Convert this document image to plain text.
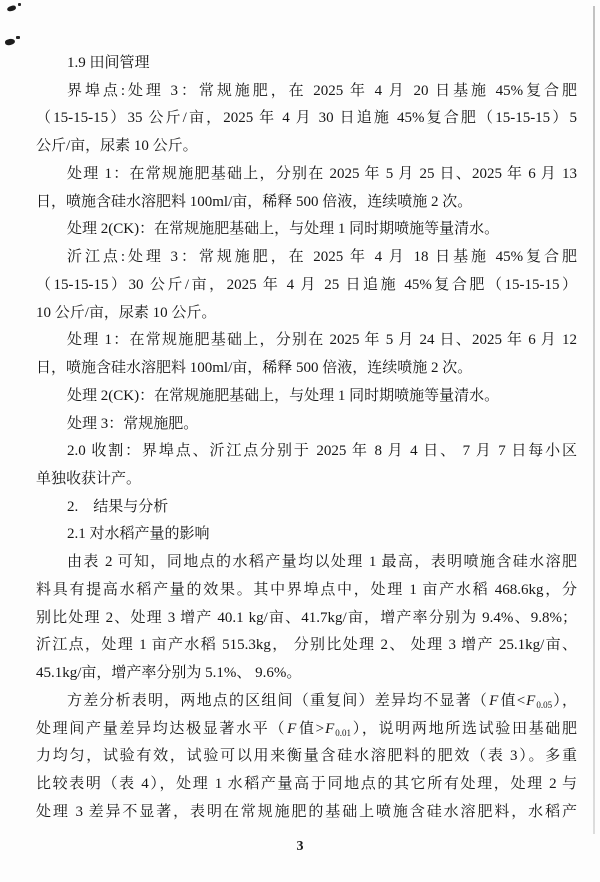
1.9 田间管理
界埠点:处理 3：常规施肥，在 2025 年 4 月 20 日基施 45%复合肥
（15-15-15）35 公斤/亩，2025 年 4 月 30 日追施 45%复合肥（15-15-15）5
公斤/亩，尿素 10 公斤。
处理 1：在常规施肥基础上，分别在 2025 年 5 月 25 日、2025 年 6 月 13
日，喷施含硅水溶肥料 100ml/亩，稀释 500 倍液，连续喷施 2 次。
处理 2(CK)：在常规施肥基础上，与处理 1 同时期喷施等量清水。
沂江点:处理 3：常规施肥，在 2025 年 4 月 18 日基施 45%复合肥
（15-15-15）30 公斤/亩，2025 年 4 月 25 日追施 45%复合肥（15-15-15）
10 公斤/亩，尿素 10 公斤。
处理 1：在常规施肥基础上，分别在 2025 年 5 月 24 日、2025 年 6 月 12
日，喷施含硅水溶肥料 100ml/亩，稀释 500 倍液，连续喷施 2 次。
处理 2(CK)：在常规施肥基础上，与处理 1 同时期喷施等量清水。
处理 3：常规施肥。
2.0 收割：界埠点、沂江点分别于 2025 年 8 月 4 日、 7 月 7 日每小区
单独收获计产。
2.　结果与分析
2.1 对水稻产量的影响
由表 2 可知，同地点的水稻产量均以处理 1 最高，表明喷施含硅水溶肥
料具有提高水稻产量的效果。其中界埠点中，处理 1 亩产水稻 468.6kg，分
别比处理 2、处理 3 增产 40.1 kg/亩、41.7kg/亩，增产率分别为 9.4%、9.8%；
沂江点，处理 1 亩产水稻 515.3kg， 分别比处理 2、 处理 3 增产 25.1kg/亩、
45.1kg/亩，增产率分别为 5.1%、 9.6%。
方差分析表明，两地点的区组间（重复间）差异均不显著（F值$<F_{0.05}$），
处理间产量差异均达极显著水平（F值$>F_{0.01}$），说明两地所选试验田基础肥
力均匀，试验有效，试验可以用来衡量含硅水溶肥料的肥效（表 3）。多重
比较表明（表 4），处理 1 水稻产量高于同地点的其它所有处理，处理 2 与
处理 3 差异不显著，表明在常规施肥的基础上喷施含硅水溶肥料，水稻产
3
